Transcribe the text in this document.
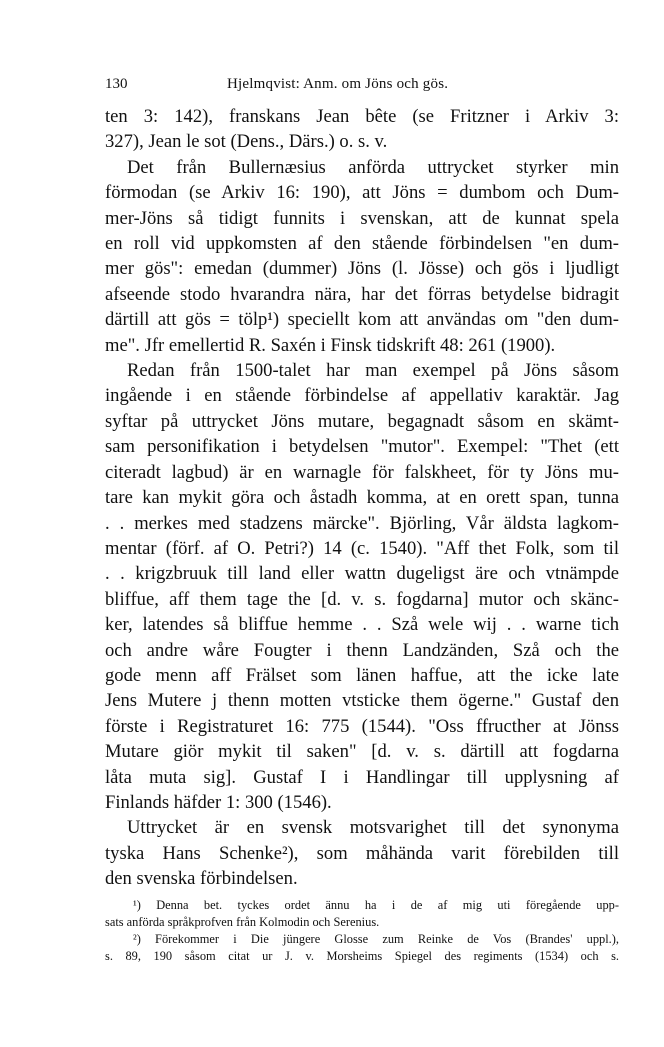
130	Hjelmqvist: Anm. om Jöns och gös.
ten 3: 142), franskans Jean bête (se Fritzner i Arkiv 3:
327), Jean le sot (Dens., Därs.) o. s. v.
Det från Bullernæsius anförda uttrycket styrker min
förmodan (se Arkiv 16: 190), att Jöns = dumbom och Dum-
mer-Jöns så tidigt funnits i svenskan, att de kunnat spela
en roll vid uppkomsten af den stående förbindelsen "en dum-
mer gös": emedan (dummer) Jöns (l. Jösse) och gös i ljudligt
afseende stodo hvarandra nära, har det förras betydelse bidragit
därtill att gös = tölp¹) speciellt kom att användas om "den dum-
me". Jfr emellertid R. Saxén i Finsk tidskrift 48: 261 (1900).
Redan från 1500-talet har man exempel på Jöns såsom
ingående i en stående förbindelse af appellativ karaktär. Jag
syftar på uttrycket Jöns mutare, begagnadt såsom en skämt-
sam personifikation i betydelsen "mutor". Exempel: "Thet (ett
citeradt lagbud) är en warnagle för falskheet, för ty Jöns mu-
tare kan mykit göra och åstadh komma, at en orett span, tunna
. . merkes med stadzens märcke". Björling, Vår äldsta lagkom-
mentar (förf. af O. Petri?) 14 (c. 1540). "Aff thet Folk, som til
. . krigzbruuk till land eller wattn dugeligst äre och vtnämpde
bliffue, aff them tage the [d. v. s. fogdarna] mutor och skänc-
ker, latendes så bliffue hemme . . Szå wele wij . . warne tich
och andre wåre Fougter i thenn Landzänden, Szå och the
gode menn aff Frälset som länen haffue, att the icke late
Jens Mutere j thenn motten vtsticke them ögerne." Gustaf den
förste i Registraturet 16: 775 (1544). "Oss ffructher at Jönss
Mutare giör mykit til saken" [d. v. s. därtill att fogdarna
låta muta sig]. Gustaf I i Handlingar till upplysning af
Finlands häfder 1: 300 (1546).
Uttrycket är en svensk motsvarighet till det synonyma
tyska Hans Schenke²), som måhända varit förebilden till
den svenska förbindelsen.
¹) Denna bet. tyckes ordet ännu ha i de af mig uti föregående upp-
sats anförda språkprofven från Kolmodin och Serenius.
²) Förekommer i Die jüngere Glosse zum Reinke de Vos (Brandes' uppl.),
s. 89, 190 såsom citat ur J. v. Morsheims Spiegel des regiments (1534) och s.
